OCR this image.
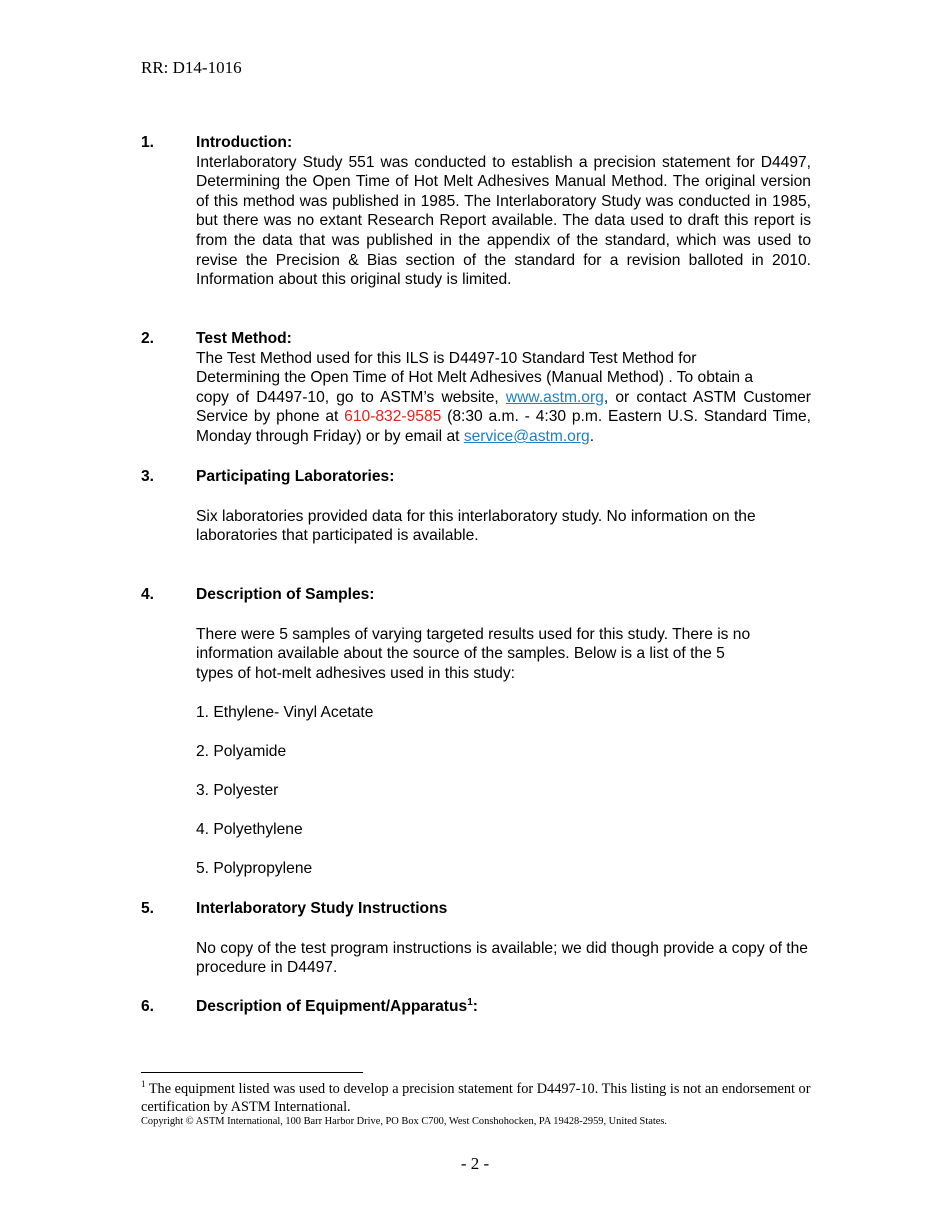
RR: D14-1016
1.	Introduction:

Interlaboratory Study 551 was conducted to establish a precision statement for D4497, Determining the Open Time of Hot Melt Adhesives Manual Method. The original version of this method was published in 1985. The Interlaboratory Study was conducted in 1985, but there was no extant Research Report available. The data used to draft this report is from the data that was published in the appendix of the standard, which was used to revise the Precision & Bias section of the standard for a revision balloted in 2010. Information about this original study is limited.

2.	Test Method:
The Test Method used for this ILS is D4497-10 Standard Test Method for
Determining the Open Time of Hot Melt Adhesives (Manual Method) . To obtain a

copy of D4497-10, go to ASTM’s website, www.astm.org, or contact ASTM Customer Service by phone at 610-832-9585 (8:30 a.m. - 4:30 p.m. Eastern U.S. Standard Time, Monday through Friday) or by email at service@astm.org.

3.	Participating Laboratories:

Six laboratories provided data for this interlaboratory study. No information on the laboratories that participated is available.

4.	Description of Samples:
There were 5 samples of varying targeted results used for this study. There is no
information available about the source of the samples. Below is a list of the 5
types of hot-melt adhesives used in this study:
1. Ethylene- Vinyl Acetate
2. Polyamide
3. Polyester
4. Polyethylene
5. Polypropylene
5.	Interlaboratory Study Instructions

No copy of the test program instructions is available; we did though provide a copy of the procedure in D4497.

6.	Description of Equipment/Apparatus$^1$:
$^1$ The equipment listed was used to develop a precision statement for D4497-10. This listing is not an endorsement or certification by ASTM International.
Copyright © ASTM International, 100 Barr Harbor Drive, PO Box C700, West Conshohocken, PA 19428-2959, United States.
- 2 -
